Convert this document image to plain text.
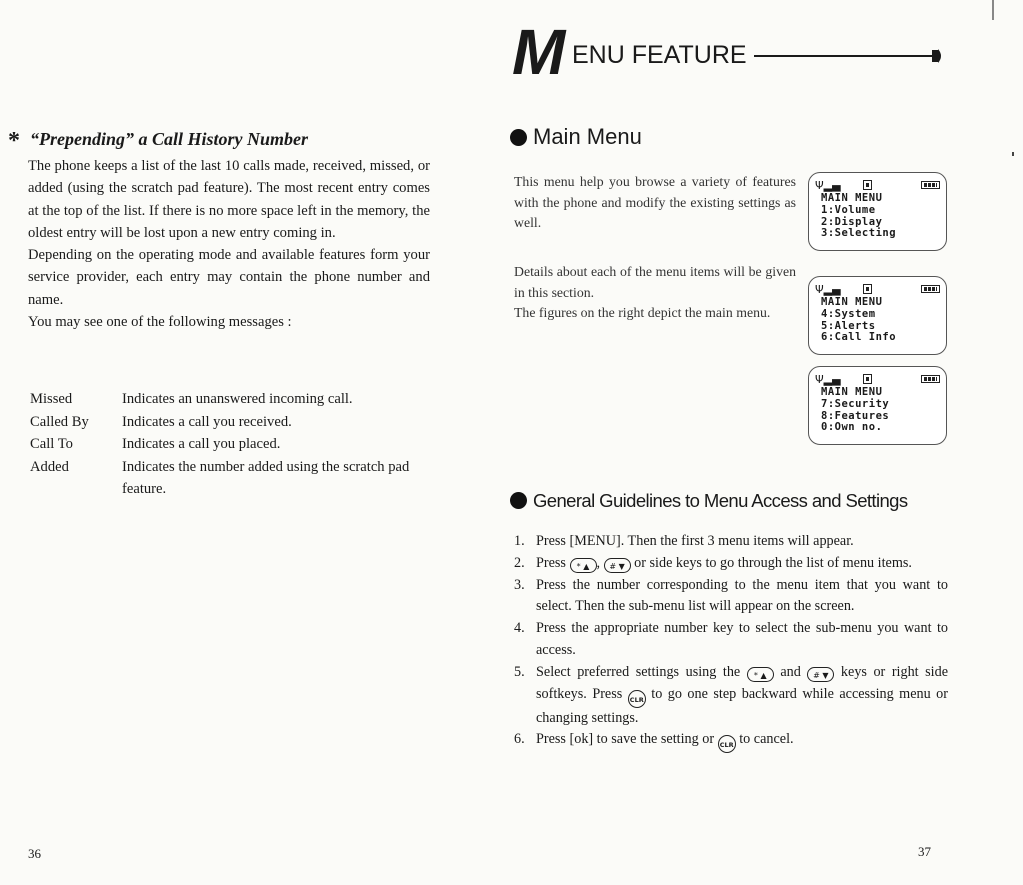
* “Prepending” a Call History Number

The phone keeps a list of the last 10 calls made, received, missed, or added (using the scratch pad feature). The most recent entry comes at the top of the list. If there is no more space left in the memory, the oldest entry will be lost upon a new entry coming in.

Depending on the operating mode and available features form your service provider, each entry may contain the phone number and name.

You may see one of the following messages :

Missed	Indicates an unanswered incoming call.
Called By	Indicates a call you received.
Call To	Indicates a call you placed.
Added	Indicates the number added using the scratch pad feature.
36
M ENU FEATURE
Main Menu

This menu help you browse a variety of features with the phone and modify the existing settings as well.

Details about each of the menu items will be given in this section.

The figures on the right depict the main menu.

Ψ▂▄
MAIN MENU
1:Volume
2:Display
3:Selecting
Ψ▂▄
MAIN MENU
4:System
5:Alerts
6:Call Info
Ψ▂▄
MAIN MENU
7:Security
8:Features
0:Own no.
General Guidelines to Menu Access and Settings
1. Press [MENU]. Then the first 3 menu items will appear.
2. Press * ▲ , # ▼ or side keys to go through the list of menu items.
3. Press the number corresponding to the menu item that you want to select. Then the sub-menu list will appear on the screen.
4. Press the appropriate number key to select the sub-menu you want to access.
5. Select preferred settings using the * ▲ and # ▼ keys or right side softkeys. Press CLR to go one step backward while accessing menu or changing settings.
6. Press [ok] to save the setting or CLR to cancel.
37
